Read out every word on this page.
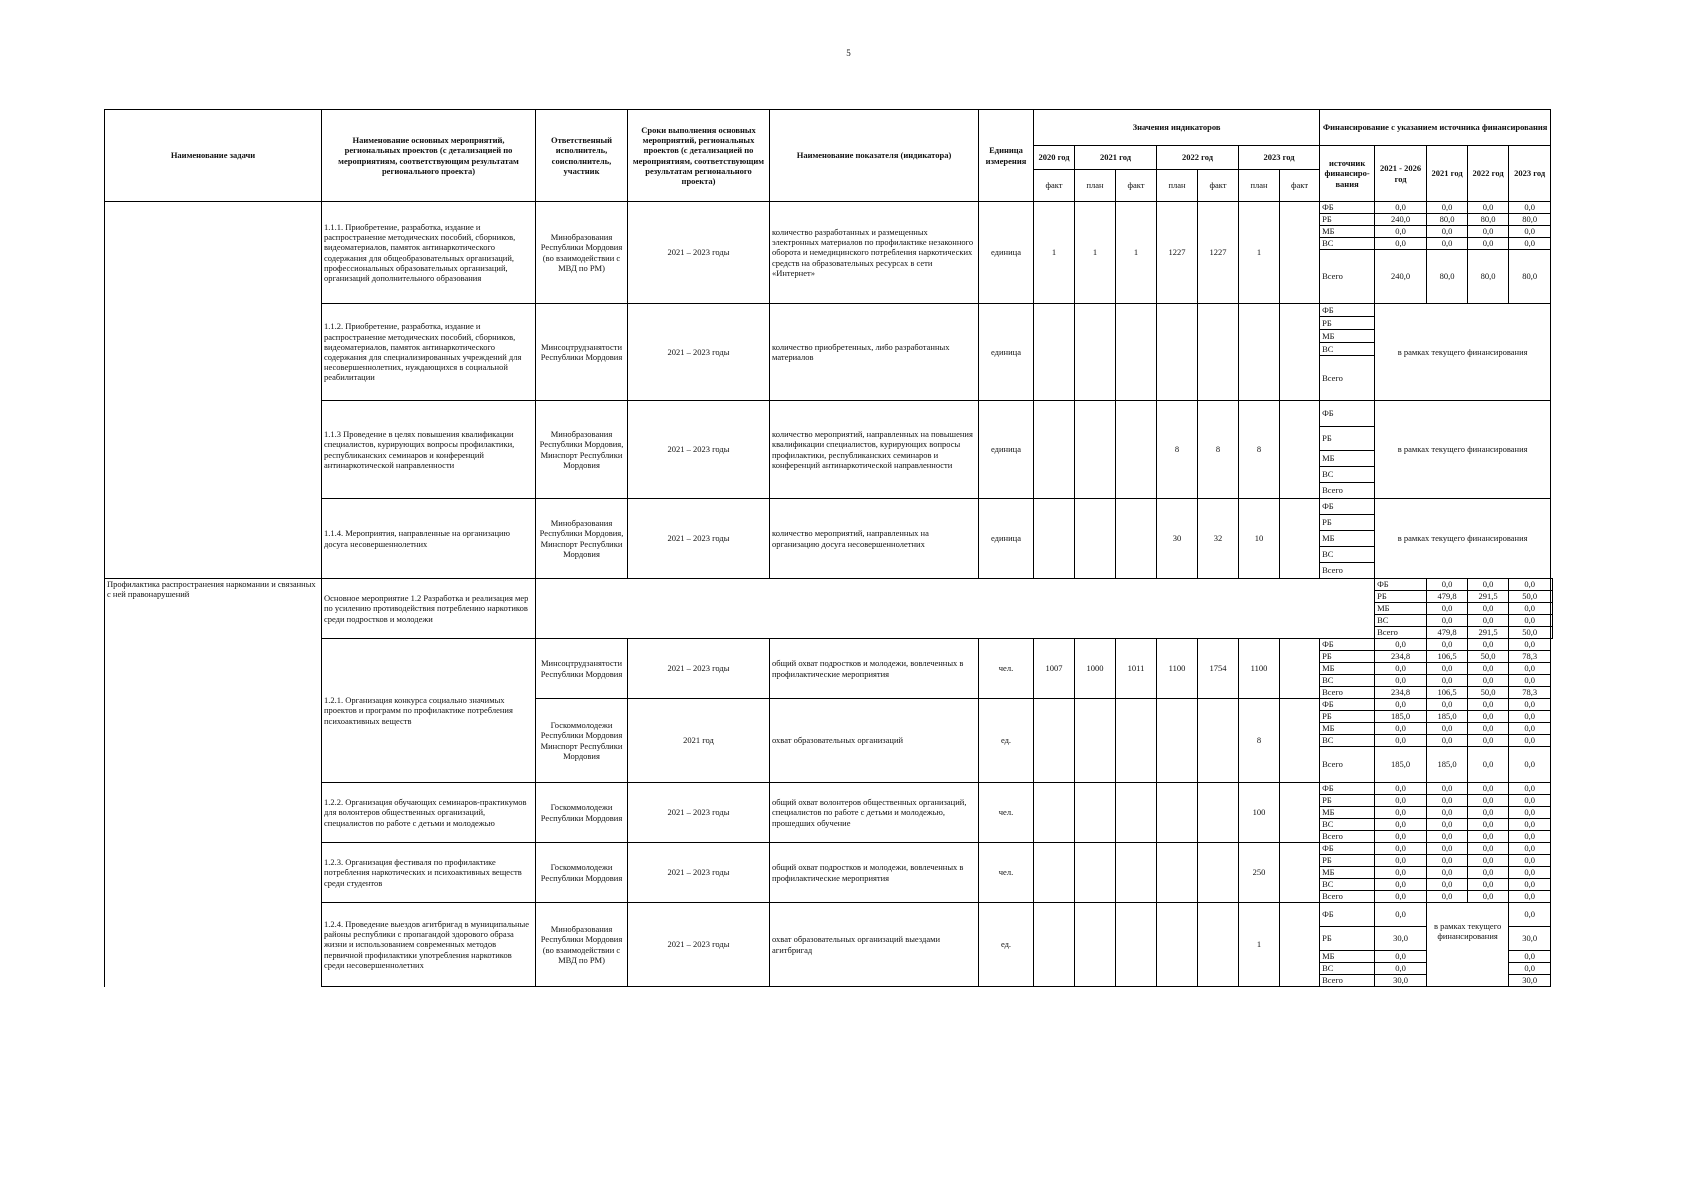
5
Наименование задачи	Наименование основных мероприятий, региональных проектов (с детализацией по мероприятиям, соответствующим результатам регионального проекта)	Ответственный исполнитель, соисполнитель, участник	Сроки выполнения основных мероприятий, региональных проектов (с детализацией по мероприятиям, соответствующим результатам регионального проекта)	Наименование показателя (индикатора)	Единица измерения	Значения индикаторов							Финансирование с указанием источника финансирования					
						2020 год	2021 год		2022 год		2023 год		источник финансиро-вания	2021 - 2026 год	2021 год	2022 год	2023 год	
						факт	план	факт	план	факт	план	факт						
	1.1.1. Приобретение, разработка, издание и распространение методических пособий, сборников, видеоматериалов, памяток антинаркотического содержания для общеобразовательных организаций, профессиональных образовательных организаций, организаций дополнительного образования	Минобразования Республики Мордовия (во взаимодействии с МВД по РМ)	2021 – 2023 годы	количество разработанных и размещенных электронных материалов по профилактике незаконного оборота и немедицинского потребления наркотических средств на образовательных ресурсах в сети «Интернет»	единица	1	1	1	1227	1227	1		ФБ	0,0	0,0	0,0	0,0	
													РБ	240,0	80,0	80,0	80,0	
													МБ	0,0	0,0	0,0	0,0	
													ВС	0,0	0,0	0,0	0,0	
													Всего	240,0	80,0	80,0	80,0	
	1.1.2. Приобретение, разработка, издание и распространение методических пособий, сборников, видеоматериалов, памяток антинаркотического содержания для специализированных учреждений для несовершеннолетних, нуждающихся в социальной реабилитации	Минсоцтрудзанятости Республики Мордовия	2021 – 2023 годы	количество приобретенных, либо разработанных материалов	единица								ФБ	в рамках текущего финансирования				
													РБ					
													МБ					
													ВС					
													Всего					
	1.1.3 Проведение в целях повышения квалификации специалистов, курирующих вопросы профилактики, республиканских семинаров и конференций антинаркотической направленности	Минобразования Республики Мордовия, Минспорт Республики Мордовия	2021 – 2023 годы	количество мероприятий, направленных на повышения квалификации специалистов, курирующих вопросы профилактики, республиканских семинаров и конференций антинаркотической направленности	единица				8	8	8		ФБ	в рамках текущего финансирования				
													РБ					
													МБ					
													ВС					
													Всего					
	1.1.4. Мероприятия, направленные на организацию досуга несовершеннолетних	Минобразования Республики Мордовия, Минспорт Республики Мордовия	2021 – 2023 годы	количество мероприятий, направленных на организацию досуга несовершеннолетних	единица				30	32	10		ФБ	в рамках текущего финансирования				
													РБ					
													МБ					
													ВС					
													Всего					
Профилактика распространения наркомании и связанных с ней правонарушений	Основное мероприятие 1.2 Разработка и реализация мер по усилению противодействия потреблению наркотиков среди подростков и молодежи													ФБ	0,0	0,0	0,0	
														РБ	479,8	291,5	50,0	
														МБ	0,0	0,0	0,0	
														ВС	0,0	0,0	0,0	
														Всего	479,8	291,5	50,0	
	1.2.1. Организация конкурса социально значимых проектов и программ по профилактике потребления психоактивных веществ	Минсоцтрудзанятости Республики Мордовия	2021 – 2023 годы	общий охват подростков и молодежи, вовлеченных в профилактические мероприятия	чел.	1007	1000	1011	1100	1754	1100		ФБ	0,0	0,0	0,0	0,0	
													РБ	234,8	106,5	50,0	78,3	
													МБ	0,0	0,0	0,0	0,0	
													ВС	0,0	0,0	0,0	0,0	
													Всего	234,8	106,5	50,0	78,3	
		Госкоммолодежи Республики Мордовия Минспорт Республики Мордовия	2021 год	охват образовательных организаций	ед.						8		ФБ	0,0	0,0	0,0	0,0	
													РБ	185,0	185,0	0,0	0,0	
													МБ	0,0	0,0	0,0	0,0	
													ВС	0,0	0,0	0,0	0,0	
													Всего	185,0	185,0	0,0	0,0	

	1.2.2. Организация обучающих семинаров-практикумов для волонтеров общественных организаций, специалистов по работе с детьми и молодежью	Госкоммолодежи Республики Мордовия	2021 – 2023 годы	общий охват волонтеров общественных организаций, специалистов по работе с детьми и молодежью, прошедших обучение	чел.						100		ФБ	0,0	0,0	0,0	0,0	
													РБ	0,0	0,0	0,0	0,0	
													МБ	0,0	0,0	0,0	0,0	
													ВС	0,0	0,0	0,0	0,0	
													Всего	0,0	0,0	0,0	0,0	
	1.2.3. Организация фестиваля по профилактике потребления наркотических и психоактивных веществ среди студентов	Госкоммолодежи Республики Мордовия	2021 – 2023 годы	общий охват подростков и молодежи, вовлеченных в профилактические мероприятия	чел.						250		ФБ	0,0	0,0	0,0	0,0	
													РБ	0,0	0,0	0,0	0,0	
													МБ	0,0	0,0	0,0	0,0	
													ВС	0,0	0,0	0,0	0,0	
													Всего	0,0	0,0	0,0	0,0	
	1.2.4. Проведение выездов агитбригад в муниципальные районы республики с пропагандой здорового образа жизни и использованием современных методов первичной профилактики употребления наркотиков среди несовершеннолетних	Минобразования Республики Мордовия (во взаимодействии с МВД по РМ)	2021 – 2023 годы	охват образовательных организаций выездами агитбригад	ед.						1		ФБ	0,0	в рамках текущего финансирования		0,0	
													РБ	30,0			30,0	
													МБ	0,0			0,0	
													ВС	0,0			0,0	
													Всего	30,0			30,0	
